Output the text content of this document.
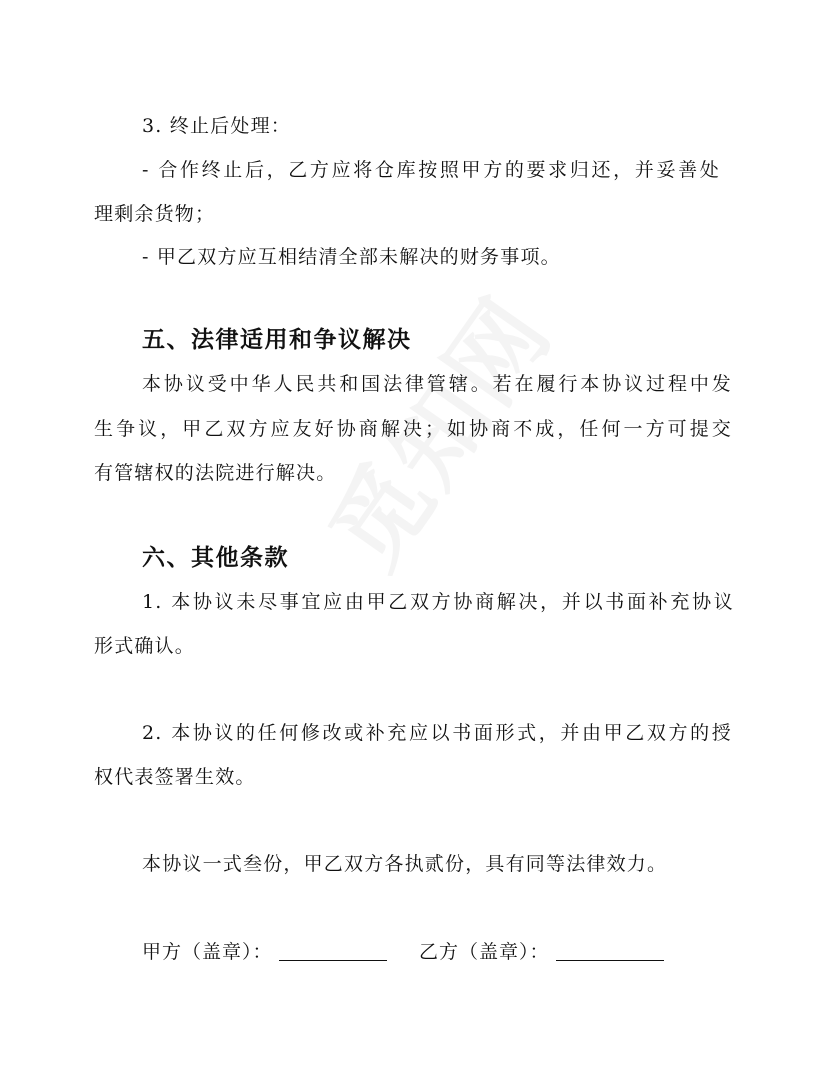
3. 终止后处理：
- 合作终止后，乙方应将仓库按照甲方的要求归还，并妥善处
理剩余货物；
- 甲乙双方应互相结清全部未解决的财务事项。
五、法律适用和争议解决
本协议受中华人民共和国法律管辖。若在履行本协议过程中发
生争议，甲乙双方应友好协商解决；如协商不成，任何一方可提交
有管辖权的法院进行解决。
六、其他条款
1. 本协议未尽事宜应由甲乙双方协商解决，并以书面补充协议
形式确认。
2. 本协议的任何修改或补充应以书面形式，并由甲乙双方的授
权代表签署生效。
本协议一式叁份，甲乙双方各执贰份，具有同等法律效力。
甲方（盖章）：	乙方（盖章）：
